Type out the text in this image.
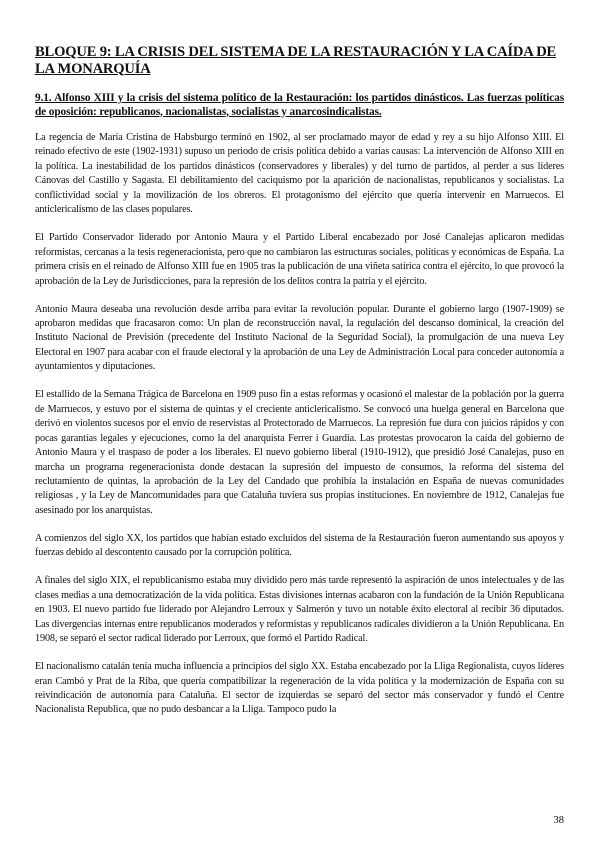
BLOQUE 9: LA CRISIS DEL SISTEMA DE LA RESTAURACIÓN Y LA CAÍDA DE LA MONARQUÍA
9.1. Alfonso XIII y la crisis del sistema político de la Restauración: los partidos dinásticos. Las fuerzas políticas de oposición: republicanos, nacionalistas, socialistas y anarcosindicalistas.

La regencia de María Cristina de Habsburgo terminó en 1902, al ser proclamado mayor de edad y rey a su hijo Alfonso XIII. El reinado efectivo de este (1902-1931) supuso un periodo de crisis política debido a varias causas: La intervención de Alfonso XIII en la política. La inestabilidad de los partidos dinásticos (conservadores y liberales) y del turno de partidos, al perder a sus líderes Cánovas del Castillo y Sagasta. El debilitamiento del caciquismo por la aparición de nacionalistas, republicanos y socialistas. La conflictividad social y la movilización de los obreros. El protagonismo del ejército que quería intervenir en Marruecos. El anticlericalismo de las clases populares.

El Partido Conservador liderado por Antonio Maura y el Partido Liberal encabezado por José Canalejas aplicaron medidas reformistas, cercanas a la tesis regeneracionista, pero que no cambiaron las estructuras sociales, políticas y económicas de España. La primera crisis en el reinado de Alfonso XIII fue en 1905 tras la publicación de una viñeta satírica contra el ejército, lo que provocó la aprobación de la Ley de Jurisdicciones, para la represión de los delitos contra la patria y el ejército.

Antonio Maura deseaba una revolución desde arriba para evitar la revolución popular. Durante el gobierno largo (1907-1909) se aprobaron medidas que fracasaron como: Un plan de reconstrucción naval, la regulación del descanso dominical, la creación del Instituto Nacional de Previsión (precedente del Instituto Nacional de la Seguridad Social), la promulgación de una nueva Ley Electoral en 1907 para acabar con el fraude electoral y la aprobación de una Ley de Administración Local para conceder autonomía a ayuntamientos y diputaciones.

El estallido de la Semana Trágica de Barcelona en 1909 puso fin a estas reformas y ocasionó el malestar de la población por la guerra de Marruecos, y estuvo por el sistema de quintas y el creciente anticlericalismo. Se convocó una huelga general en Barcelona que derivó en violentos sucesos por el envío de reservistas al Protectorado de Marruecos. La represión fue dura con juicios rápidos y con pocas garantías legales y ejecuciones, como la del anarquista Ferrer i Guardia. Las protestas provocaron la caída del gobierno de Antonio Maura y el traspaso de poder a los liberales. El nuevo gobierno liberal (1910-1912), que presidió José Canalejas, puso en marcha un programa regeneracionista donde destacan la supresión del impuesto de consumos, la reforma del sistema del reclutamiento de quintas, la aprobación de la Ley del Candado que prohibía la instalación en España de nuevas comunidades religiosas , y la Ley de Mancomunidades para que Cataluña tuviera sus propias instituciones. En noviembre de 1912, Canalejas fue asesinado por los anarquistas.

A comienzos del siglo XX, los partidos que habían estado excluidos del sistema de la Restauración fueron aumentando sus apoyos y fuerzas debido al descontento causado por la corrupción política.

A finales del siglo XIX, el republicanismo estaba muy dividido pero más tarde representó la aspiración de unos intelectuales y de las clases medias a una democratización de la vida política. Estas divisiones internas acabaron con la fundación de la Unión Republicana en 1903. El nuevo partido fue liderado por Alejandro Lerroux y Salmerón y tuvo un notable éxito electoral al recibir 36 diputados. Las divergencias internas entre republicanos moderados y reformistas y republicanos radicales dividieron a la Unión Republicana. En 1908, se separó el sector radical liderado por Lerroux, que formó el Partido Radical.

El nacionalismo catalán tenía mucha influencia a principios del siglo XX. Estaba encabezado por la Lliga Regionalista, cuyos líderes eran Cambó y Prat de la Riba, que quería compatibilizar la regeneración de la vida política y la modernización de España con su reivindicación de autonomía para Cataluña. El sector de izquierdas se separó del sector más conservador y fundó el Centre Nacionalista Republica, que no pudo desbancar a la Lliga. Tampoco pudo la

38
